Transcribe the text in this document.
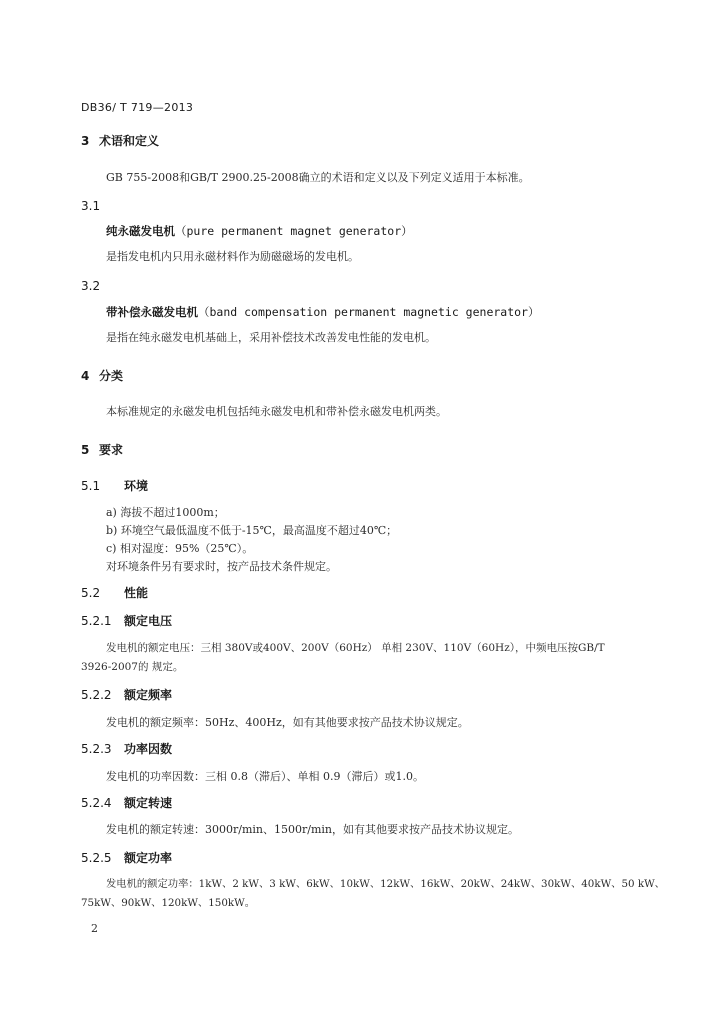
DB36/ T 719—2013
3 术语和定义
GB 755-2008和GB/T 2900.25-2008确立的术语和定义以及下列定义适用于本标准。
3.1
纯永磁发电机（pure permanent magnet generator）
是指发电机内只用永磁材料作为励磁磁场的发电机。
3.2
带补偿永磁发电机（band compensation permanent magnetic generator）
是指在纯永磁发电机基础上，采用补偿技术改善发电性能的发电机。
4 分类
本标准规定的永磁发电机包括纯永磁发电机和带补偿永磁发电机两类。
5 要求
5.1 环境
a) 海拔不超过1000m；
b) 环境空气最低温度不低于-15℃，最高温度不超过40℃；
c) 相对湿度：95%（25℃）。
对环境条件另有要求时，按产品技术条件规定。
5.2 性能
5.2.1 额定电压
发电机的额定电压：三相 380V或400V、200V（60Hz） 单相 230V、110V（60Hz），中频电压按GB/T
3926-2007的 规定。
5.2.2 额定频率
发电机的额定频率：50Hz、400Hz，如有其他要求按产品技术协议规定。
5.2.3 功率因数
发电机的功率因数：三相 0.8（滞后）、单相 0.9（滞后）或1.0。
5.2.4 额定转速
发电机的额定转速：3000r/min、1500r/min，如有其他要求按产品技术协议规定。
5.2.5 额定功率
发电机的额定功率：1kW、2 kW、3 kW、6kW、10kW、12kW、16kW、20kW、24kW、30kW、40kW、50 kW、
75kW、90kW、120kW、150kW。
2
